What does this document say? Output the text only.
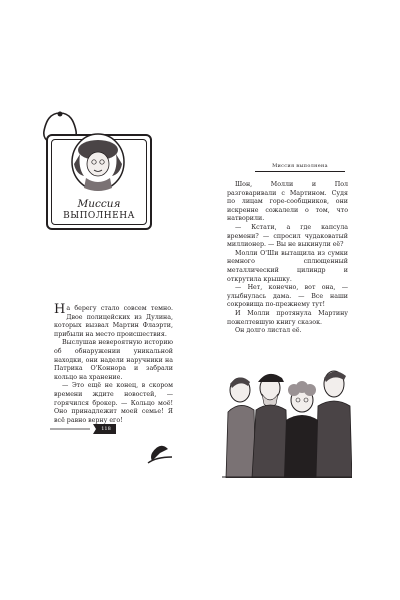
Миссия
ВЫПОЛНЕНА

На берегу стало совсем темно. Двое полицейских из Дулина, которых вызвал Мартин Флаэрти, прибыли на место происшествия.

Выслушав невероятную историю об обнаружении уникальной находки, они надели наручники на Патрика О'Коннора и забрали кольцо на хранение.

— Это ещё не конец, в скором времени ждите новостей, — горячился брокер. — Кольцо моё! Оно принадлежит моей семье! Я всё равно верну его!

118
Миссия выполнена

Шон, Молли и Пол разговаривали с Мартином. Судя по лицам горе-сообщников, они искренне сожалели о том, что натворили.

— Кстати, а где капсула времени? — спросил чудаковатый миллионер. — Вы не выкинули её?

Молли О'Ши вытащила из сумки немного сплющенный металлический цилиндр и открутила крышку.

— Нет, конечно, вот она, — улыбнулась дама. — Все наши сокровища по-прежнему тут!

И Молли протянула Мартину пожелтевшую книгу сказок.

Он долго листал её.
